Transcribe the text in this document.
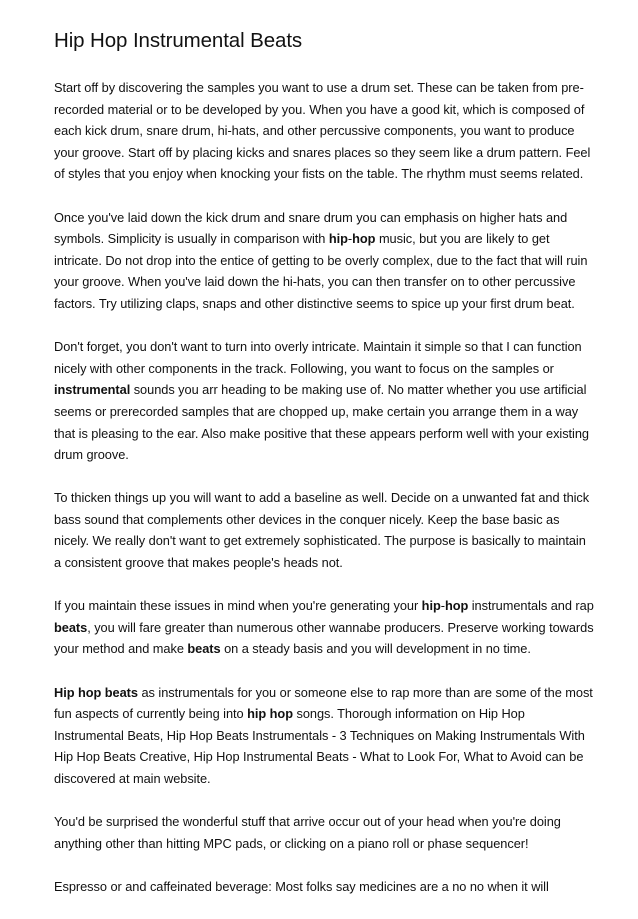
Hip Hop Instrumental Beats

Start off by discovering the samples you want to use a drum set. These can be taken from pre-recorded material or to be developed by you. When you have a good kit, which is composed of each kick drum, snare drum, hi-hats, and other percussive components, you want to produce your groove. Start off by placing kicks and snares places so they seem like a drum pattern. Feel of styles that you enjoy when knocking your fists on the table. The rhythm must seems related.

Once you've laid down the kick drum and snare drum you can emphasis on higher hats and symbols. Simplicity is usually in comparison with hip-hop music, but you are likely to get intricate. Do not drop into the entice of getting to be overly complex, due to the fact that will ruin your groove. When you've laid down the hi-hats, you can then transfer on to other percussive factors. Try utilizing claps, snaps and other distinctive seems to spice up your first drum beat.

Don't forget, you don't want to turn into overly intricate. Maintain it simple so that I can function nicely with other components in the track. Following, you want to focus on the samples or instrumental sounds you arr heading to be making use of. No matter whether you use artificial seems or prerecorded samples that are chopped up, make certain you arrange them in a way that is pleasing to the ear. Also make positive that these appears perform well with your existing drum groove.

To thicken things up you will want to add a baseline as well. Decide on a unwanted fat and thick bass sound that complements other devices in the conquer nicely. Keep the base basic as nicely. We really don't want to get extremely sophisticated. The purpose is basically to maintain a consistent groove that makes people's heads not.

If you maintain these issues in mind when you're generating your hip-hop instrumentals and rap beats, you will fare greater than numerous other wannabe producers. Preserve working towards your method and make beats on a steady basis and you will development in no time.

Hip hop beats as instrumentals for you or someone else to rap more than are some of the most fun aspects of currently being into hip hop songs. Thorough information on Hip Hop Instrumental Beats, Hip Hop Beats Instrumentals - 3 Techniques on Making Instrumentals With Hip Hop Beats Creative, Hip Hop Instrumental Beats - What to Look For, What to Avoid can be discovered at main website.

You'd be surprised the wonderful stuff that arrive occur out of your head when you're doing anything other than hitting MPC pads, or clicking on a piano roll or phase sequencer!

Espresso or and caffeinated beverage: Most folks say medicines are a no no when it will
